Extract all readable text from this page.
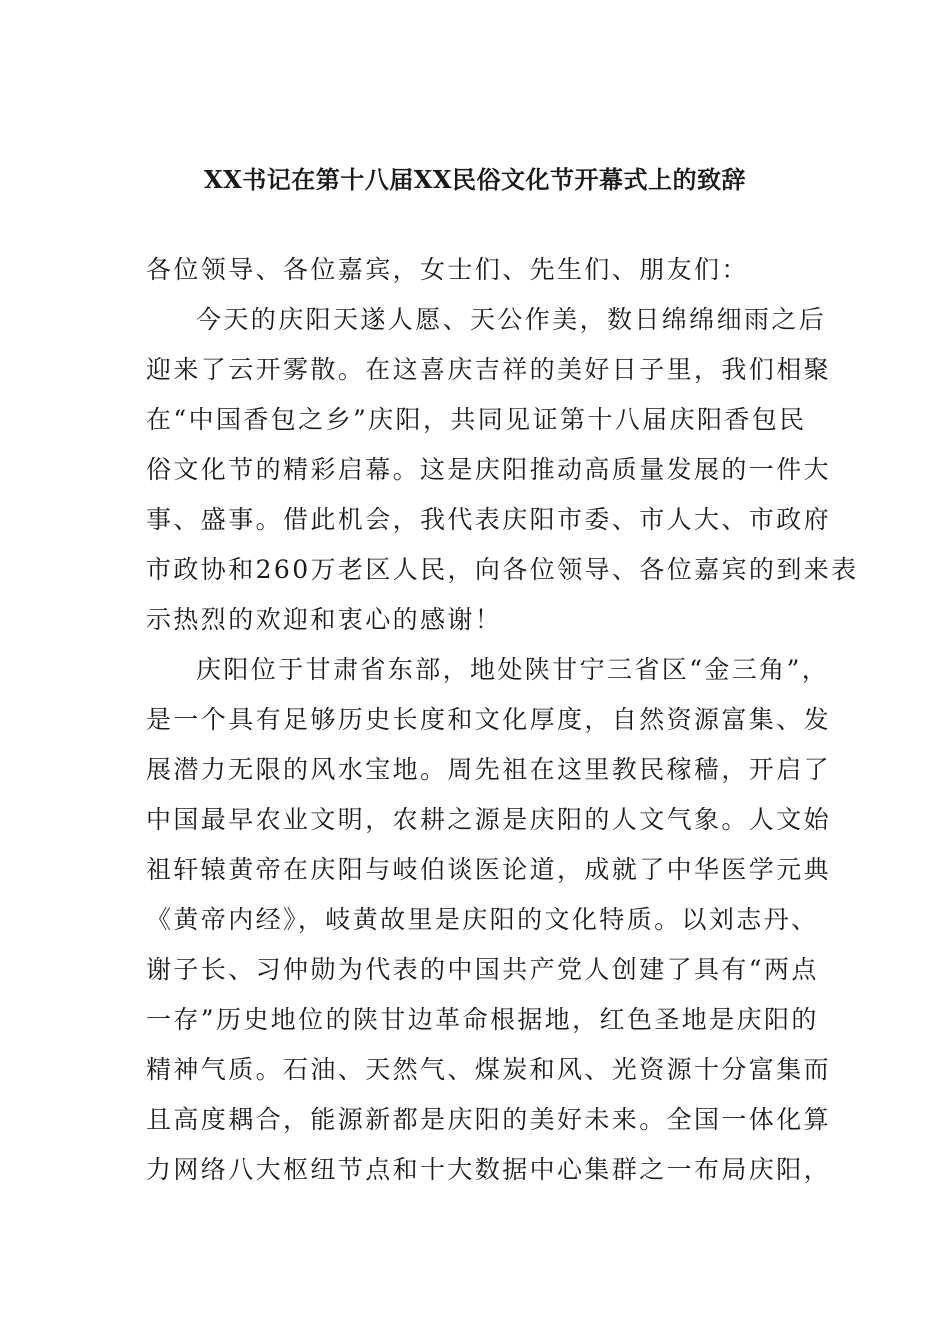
XX书记在第十八届XX民俗文化节开幕式上的致辞

各位领导、各位嘉宾，女士们、先生们、朋友们：

今天的庆阳天遂人愿、天公作美，数日绵绵细雨之后
迎来了云开雾散。在这喜庆吉祥的美好日子里，我们相聚
在“中国香包之乡”庆阳，共同见证第十八届庆阳香包民
俗文化节的精彩启幕。这是庆阳推动高质量发展的一件大
事、盛事。借此机会，我代表庆阳市委、市人大、市政府
市政协和260万老区人民，向各位领导、各位嘉宾的到来表
示热烈的欢迎和衷心的感谢！
庆阳位于甘肃省东部，地处陕甘宁三省区“金三角”，
是一个具有足够历史长度和文化厚度，自然资源富集、发
展潜力无限的风水宝地。周先祖在这里教民稼穑，开启了
中国最早农业文明，农耕之源是庆阳的人文气象。人文始
祖轩辕黄帝在庆阳与岐伯谈医论道，成就了中华医学元典
《黄帝内经》，岐黄故里是庆阳的文化特质。以刘志丹、
谢子长、习仲勋为代表的中国共产党人创建了具有“两点
一存”历史地位的陕甘边革命根据地，红色圣地是庆阳的
精神气质。石油、天然气、煤炭和风、光资源十分富集而
且高度耦合，能源新都是庆阳的美好未来。全国一体化算
力网络八大枢纽节点和十大数据中心集群之一布局庆阳，
